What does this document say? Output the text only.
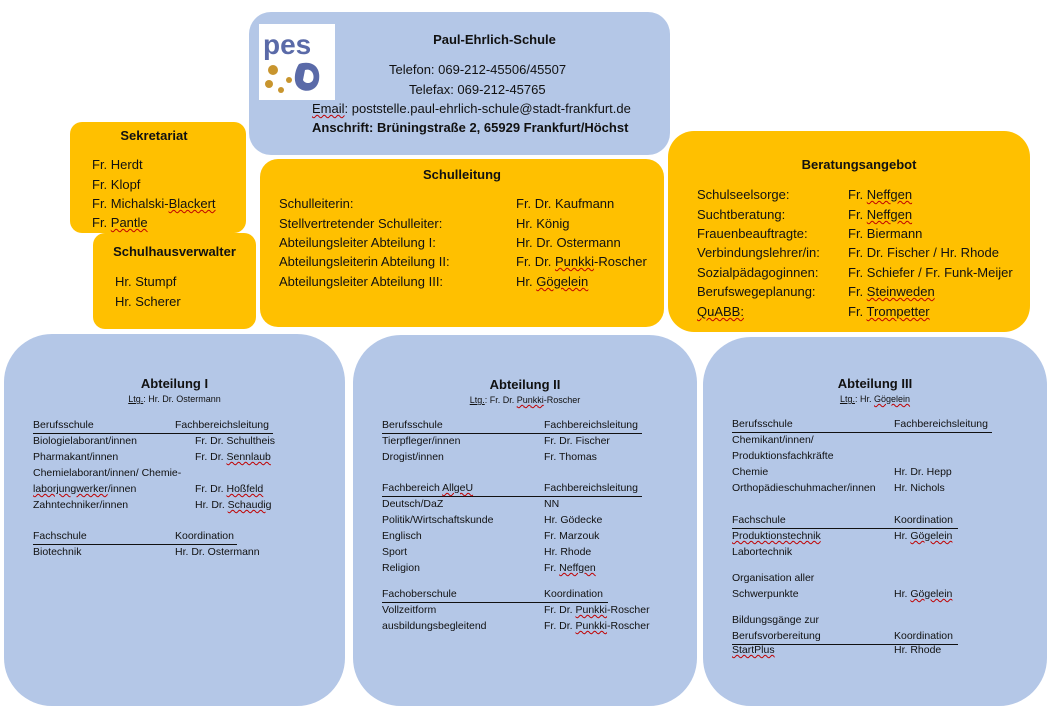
pes	Paul-Ehrlich-Schule
Telefon: 069-212-45506/45507
Telefax: 069-212-45765
Email: poststelle.paul-ehrlich-schule@stadt-frankfurt.de
Anschrift: Brüningstraße 2, 65929 Frankfurt/Höchst
Sekretariat
Fr. Herdt
Fr. Klopf
Fr. Michalski-Blackert
Fr. Pantle
Schulhausverwalter
Hr. Stumpf
Hr. Scherer
Schulleitung
Schulleiterin:	Fr. Dr. Kaufmann
Stellvertretender Schulleiter:	Hr. König
Abteilungsleiter Abteilung I:	Hr. Dr. Ostermann
Abteilungsleiterin Abteilung II:	Fr. Dr. Punkki-Roscher
Abteilungsleiter Abteilung III:	Hr. Gögelein
Beratungsangebot
Schulseelsorge:	Fr. Neffgen
Suchtberatung:	Fr. Neffgen
Frauenbeauftragte:	Fr. Biermann
Verbindungslehrer/in: Fr. Dr. Fischer / Hr. Rhode
Sozialpädagoginnen: Fr. Schiefer / Fr. Funk-Meijer
Berufswegeplanung: Fr. Steinweden
QuABB:	Fr. Trompetter
Abteilung I
Ltg.: Hr. Dr. Ostermann
Berufsschule	Fachbereichsleitung
Biologielaborant/innen	Fr. Dr. Schultheis
Pharmakant/innen	Fr. Dr. Sennlaub
Chemielaborant/innen/ Chemie-
laborjungwerker/innen	Fr. Dr. Hoßfeld
Zahntechniker/innen	Hr. Dr. Schaudig
Fachschule	Koordination
Biotechnik	Hr. Dr. Ostermann
Abteilung II
Ltg.: Fr. Dr. Punkki-Roscher
Berufsschule	Fachbereichsleitung
Tierpfleger/innen	Fr. Dr. Fischer
Drogist/innen	Fr. Thomas
Fachbereich AllgeU	Fachbereichsleitung
Deutsch/DaZ	NN
Politik/Wirtschaftskunde	Hr. Gödecke
Englisch	Fr. Marzouk
Sport	Hr. Rhode
Religion	Fr. Neffgen
Fachoberschule	Koordination
Vollzeitform	Fr. Dr. Punkki-Roscher
ausbildungsbegleitend	Fr. Dr. Punkki-Roscher
Abteilung III
Ltg.: Hr. Gögelein
Berufsschule	Fachbereichsleitung
Chemikant/innen/
Produktionsfachkräfte
Chemie	Hr. Dr. Hepp
Orthopädieschuhmacher/innen Hr. Nichols
Fachschule	Koordination
Produktionstechnik	Hr. Gögelein
Labortechnik
Organisation aller
Schwerpunkte	Hr. Gögelein
Bildungsgänge zur
Berufsvorbereitung	Koordination
StartPlus	Hr. Rhode
